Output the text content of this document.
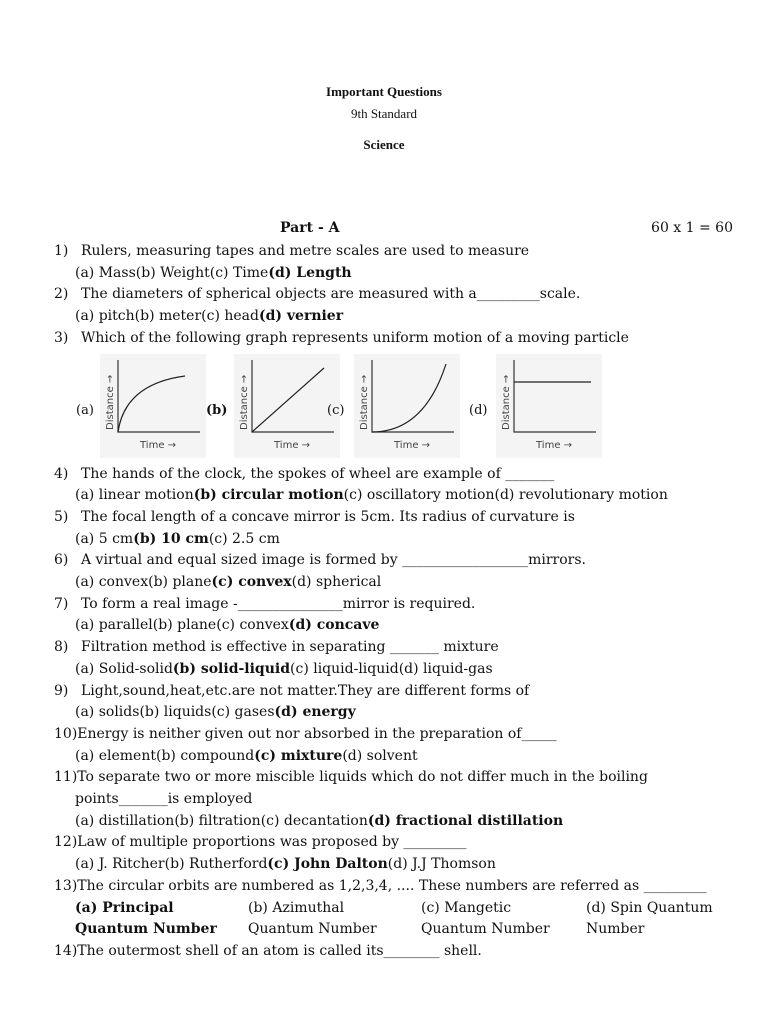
Important Questions
9th Standard
Science
Part - A	60 x 1 = 60
1) Rulers, measuring tapes and metre scales are used to measure
(a) Mass(b) Weight(c) Time(d) Length
2) The diameters of spherical objects are measured with a_________scale.
(a) pitch(b) meter(c) head(d) vernier
3) Which of the following graph represents uniform motion of a moving particle
(a) Distance →
Time →
(b) Distance →
Time →
(c) Distance →
Time →
(d) Distance →
Time →
4) The hands of the clock, the spokes of wheel are example of _______
(a) linear motion(b) circular motion(c) oscillatory motion(d) revolutionary motion
5) The focal length of a concave mirror is 5cm. Its radius of curvature is
(a) 5 cm(b) 10 cm(c) 2.5 cm
6) A virtual and equal sized image is formed by __________________mirrors.
(a) convex(b) plane(c) convex(d) spherical
7) To form a real image -_______________mirror is required.
(a) parallel(b) plane(c) convex(d) concave
8) Filtration method is effective in separating _______ mixture
(a) Solid-solid(b) solid-liquid(c) liquid-liquid(d) liquid-gas
9) Light,sound,heat,etc.are not matter.They are different forms of
(a) solids(b) liquids(c) gases(d) energy
10) Energy is neither given out nor absorbed in the preparation of_____
(a) element(b) compound(c) mixture(d) solvent
11) To separate two or more miscible liquids which do not differ much in the boiling
points_______is employed
(a) distillation(b) filtration(c) decantation(d) fractional distillation
12) Law of multiple proportions was proposed by _________
(a) J. Ritcher(b) Rutherford(c) John Dalton(d) J.J Thomson
13) The circular orbits are numbered as 1,2,3,4, .... These numbers are referred as _________
(a) Principal	(b) Azimuthal	(c) Mangetic	(d) Spin Quantum
Quantum Number	Quantum Number	Quantum Number	Number
14) The outermost shell of an atom is called its________ shell.
